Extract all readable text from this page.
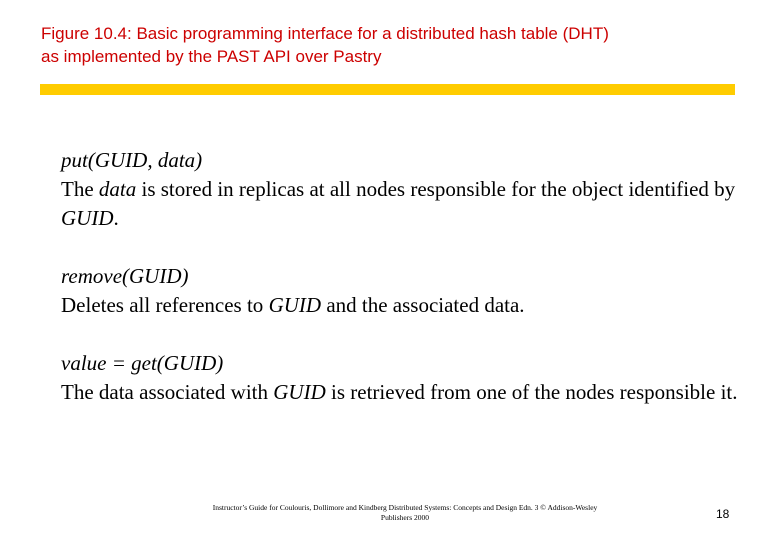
Figure 10.4: Basic programming interface for a distributed hash table (DHT)
as implemented by the PAST API over Pastry
put(GUID, data)
The data is stored in replicas at all nodes responsible for the object identified by GUID.
remove(GUID)
Deletes all references to GUID and the associated data.
value = get(GUID)
The data associated with GUID is retrieved from one of the nodes responsible it.
Instructor’s Guide for Coulouris, Dollimore and Kindberg Distributed Systems: Concepts and Design Edn. 3 © Addison-Wesley
Publishers 2000	18
